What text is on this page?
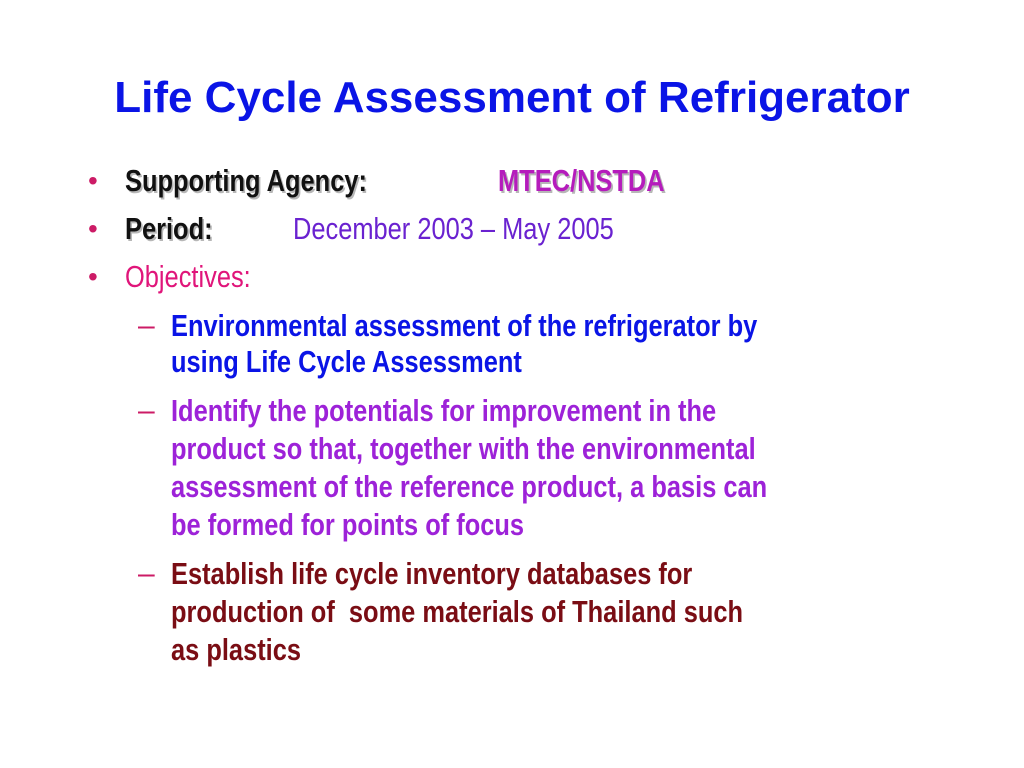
Life Cycle Assessment of Refrigerator
• Supporting Agency:	MTEC/NSTDA
• Period:	December 2003 – May 2005
• Objectives:
– Environmental assessment of the refrigerator by
using Life Cycle Assessment
– Identify the potentials for improvement in the
product so that, together with the environmental
assessment of the reference product, a basis can
be formed for points of focus
– Establish life cycle inventory databases for
production of  some materials of Thailand such
as plastics
